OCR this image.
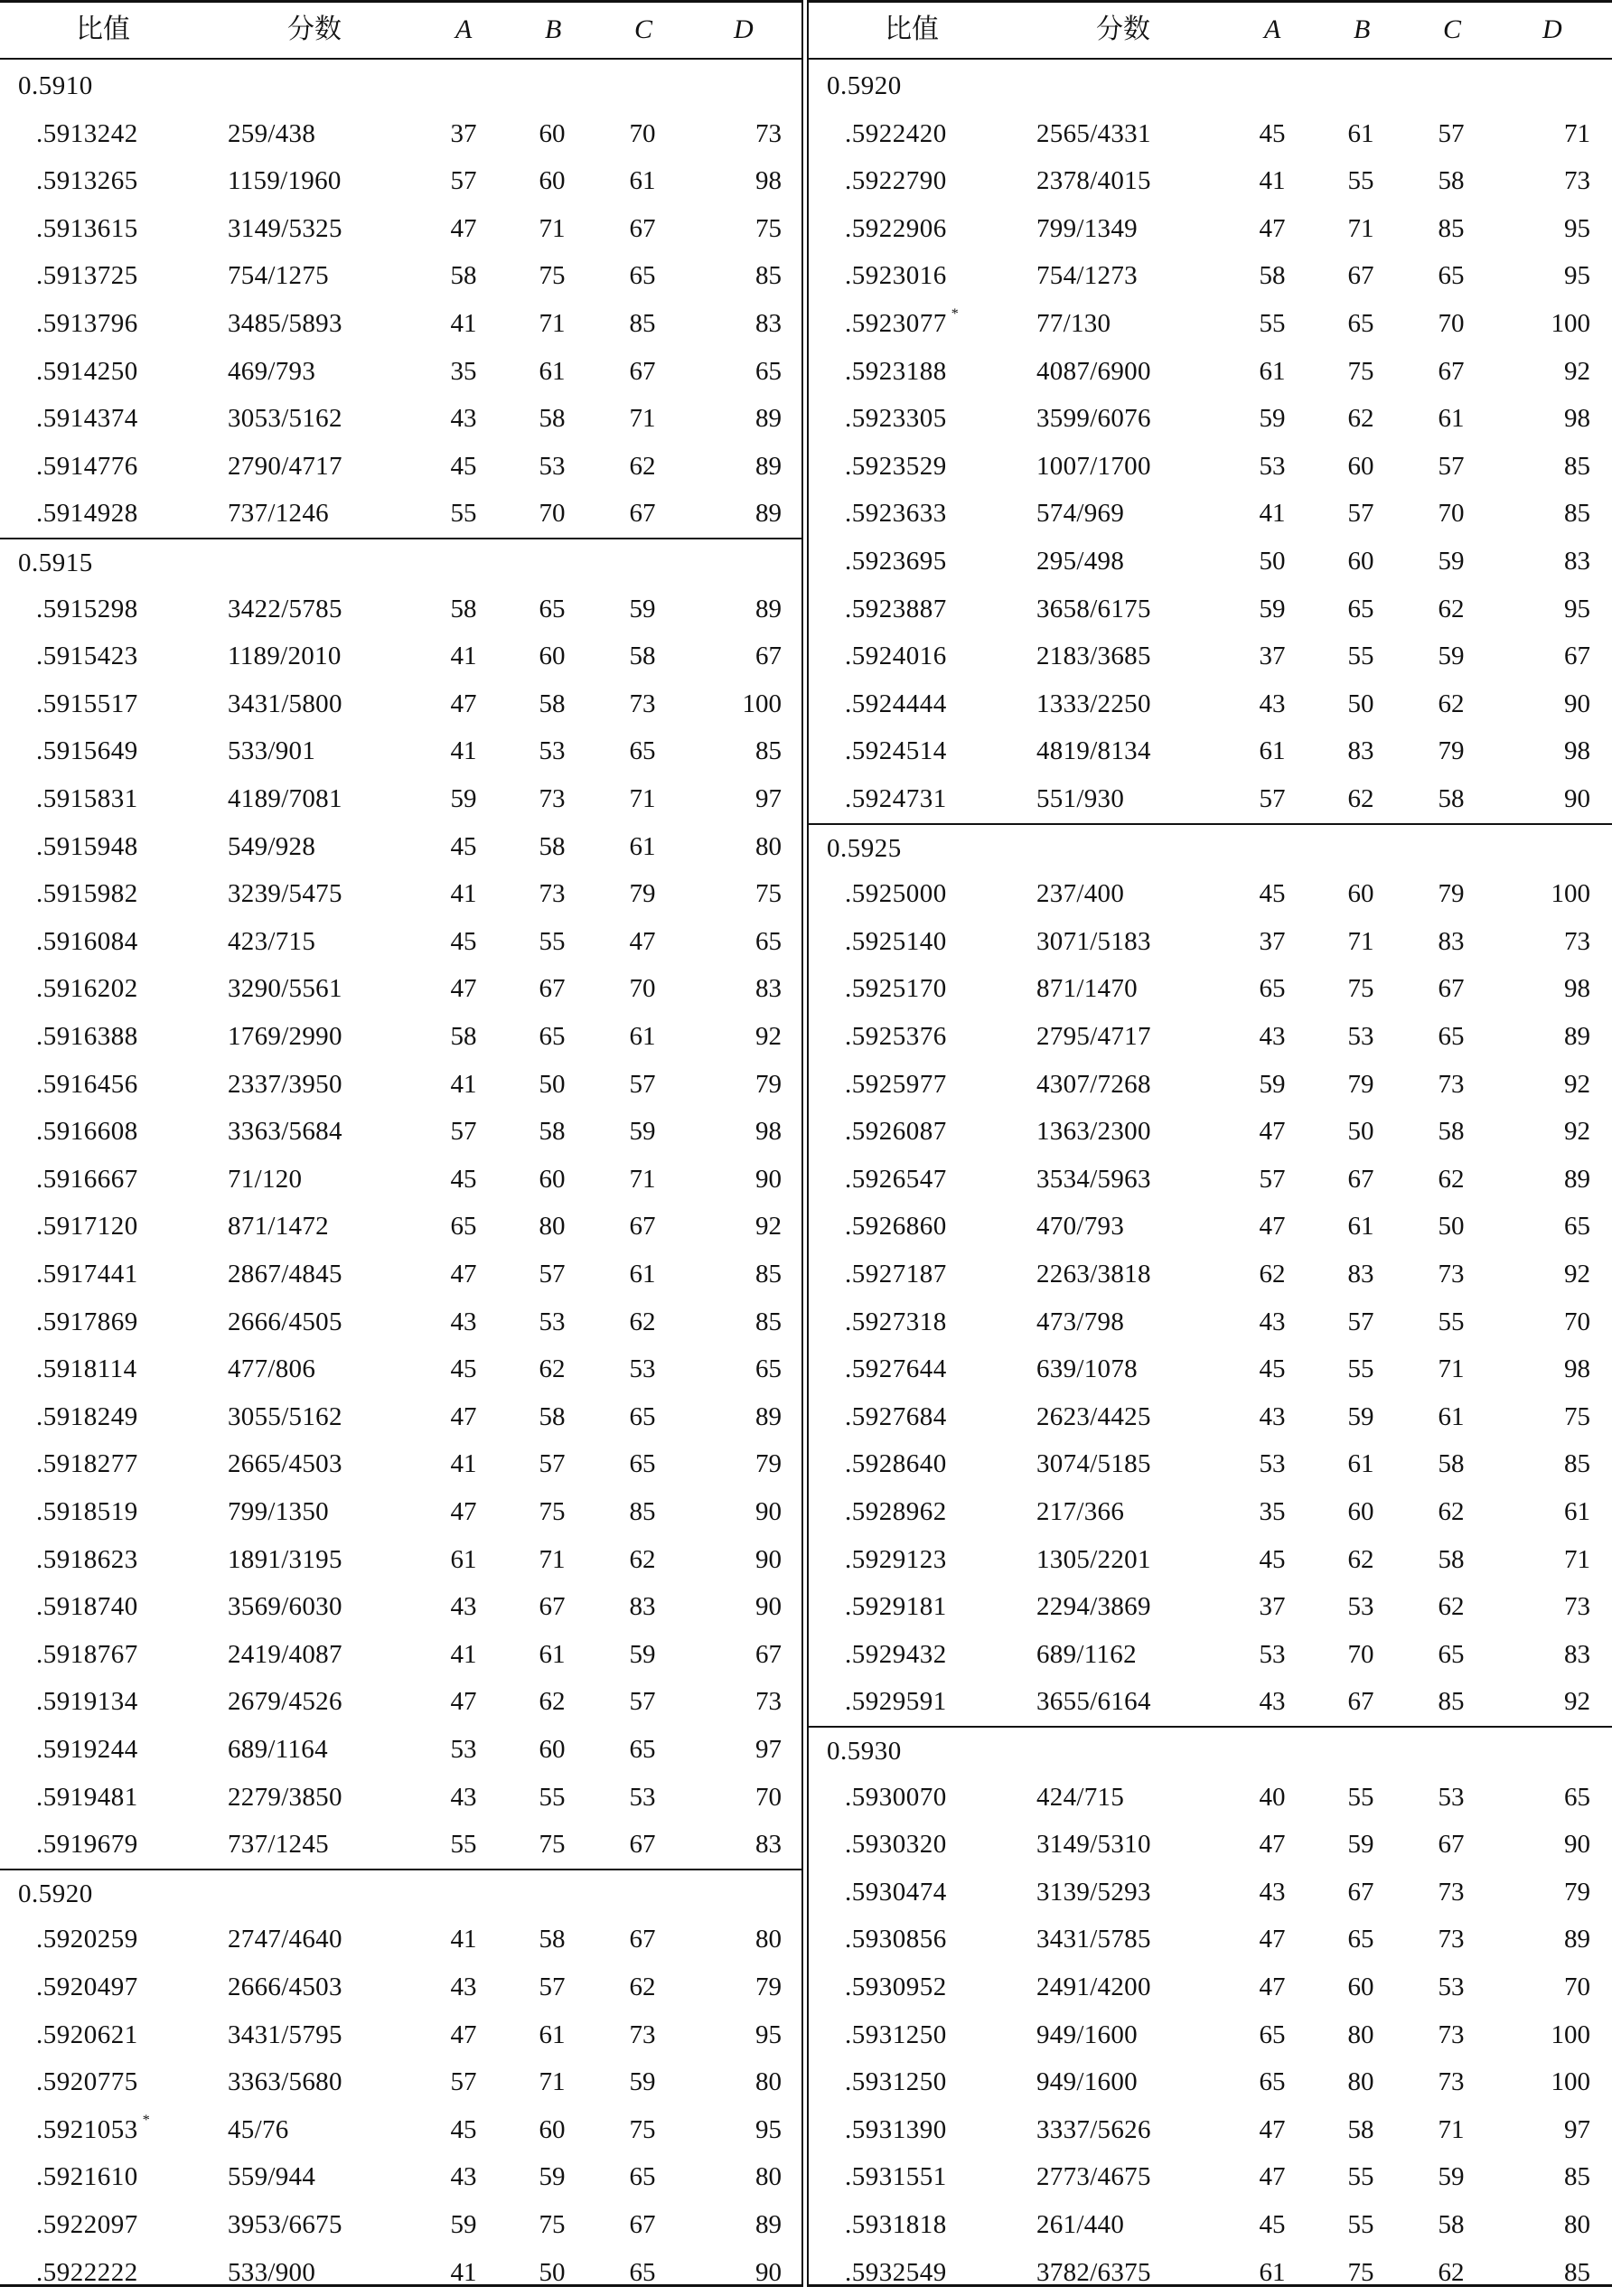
比值	分数	A	B	C	D
0.5910
.5913242	259/438	37 60 70	73
.5913265	1159/1960	57 60 61	98
.5913615	3149/5325	47 71 67	75
.5913725	754/1275	58 75 65	85
.5913796	3485/5893	41 71 85	83
.5914250	469/793	35 61 67	65
.5914374	3053/5162	43 58 71	89
.5914776	2790/4717	45 53 62	89
.5914928	737/1246	55 70 67	89
0.5915
.5915298	3422/5785	58 65 59	89
.5915423	1189/2010	41 60 58	67
.5915517	3431/5800	47 58 73	100
.5915649	533/901	41 53 65	85
.5915831	4189/7081	59 73 71	97
.5915948	549/928	45 58 61	80
.5915982	3239/5475	41 73 79	75
.5916084	423/715	45 55 47	65
.5916202	3290/5561	47 67 70	83
.5916388	1769/2990	58 65 61	92
.5916456	2337/3950	41 50 57	79
.5916608	3363/5684	57 58 59	98
.5916667	71/120	45 60 71	90
.5917120	871/1472	65 80 67	92
.5917441	2867/4845	47 57 61	85
.5917869	2666/4505	43 53 62	85
.5918114	477/806	45 62 53	65
.5918249	3055/5162	47 58 65	89
.5918277	2665/4503	41 57 65	79
.5918519	799/1350	47 75 85	90
.5918623	1891/3195	61 71 62	90
.5918740	3569/6030	43 67 83	90
.5918767	2419/4087	41 61 59	67
.5919134	2679/4526	47 62 57	73
.5919244	689/1164	53 60 65	97
.5919481	2279/3850	43 55 53	70
.5919679	737/1245	55 75 67	83
0.5920
.5920259	2747/4640	41 58 67	80
.5920497	2666/4503	43 57 62	79
.5920621	3431/5795	47 61 73	95
.5920775	3363/5680	57 71 59	80
.5921053 *	45/76	45 60 75	95
.5921610	559/944	43 59 65	80
.5922097	3953/6675	59 75 67	89
.5922222	533/900	41 50 65	90
比值	分数	A	B	C	D
0.5920
.5922420	2565/4331	45 61 57	71
.5922790	2378/4015	41 55 58	73
.5922906	799/1349	47 71 85	95
.5923016	754/1273	58 67 65	95
.5923077 *	77/130	55 65 70	100
.5923188	4087/6900	61 75 67	92
.5923305	3599/6076	59 62 61	98
.5923529	1007/1700	53 60 57	85
.5923633	574/969	41 57 70	85
.5923695	295/498	50 60 59	83
.5923887	3658/6175	59 65 62	95
.5924016	2183/3685	37 55 59	67
.5924444	1333/2250	43 50 62	90
.5924514	4819/8134	61 83 79	98
.5924731	551/930	57 62 58	90
0.5925
.5925000	237/400	45 60 79	100
.5925140	3071/5183	37 71 83	73
.5925170	871/1470	65 75 67	98
.5925376	2795/4717	43 53 65	89
.5925977	4307/7268	59 79 73	92
.5926087	1363/2300	47 50 58	92
.5926547	3534/5963	57 67 62	89
.5926860	470/793	47 61 50	65
.5927187	2263/3818	62 83 73	92
.5927318	473/798	43 57 55	70
.5927644	639/1078	45 55 71	98
.5927684	2623/4425	43 59 61	75
.5928640	3074/5185	53 61 58	85
.5928962	217/366	35 60 62	61
.5929123	1305/2201	45 62 58	71
.5929181	2294/3869	37 53 62	73
.5929432	689/1162	53 70 65	83
.5929591	3655/6164	43 67 85	92
0.5930
.5930070	424/715	40 55 53	65
.5930320	3149/5310	47 59 67	90
.5930474	3139/5293	43 67 73	79
.5930856	3431/5785	47 65 73	89
.5930952	2491/4200	47 60 53	70
.5931250	949/1600	65 80 73	100
.5931250	949/1600	65 80 73	100
.5931390	3337/5626	47 58 71	97
.5931551	2773/4675	47 55 59	85
.5931818	261/440	45 55 58	80
.5932549	3782/6375	61 75 62	85
